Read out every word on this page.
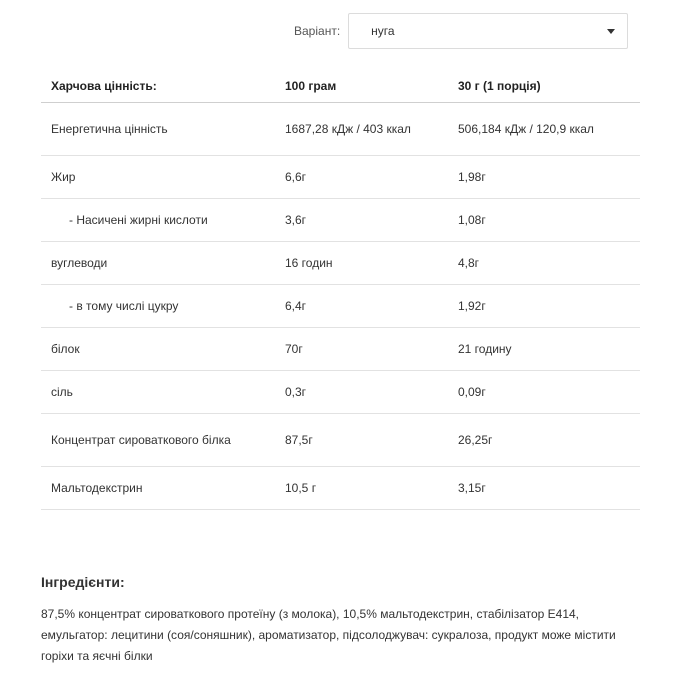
Варіант:	нуга
Харчова цінність:	100 грам	30 г (1 порція)
Енергетична цінність	1687,28 кДж / 403 ккал	506,184 кДж / 120,9 ккал
Жир	6,6г	1,98г
- Насичені жирні кислоти	3,6г	1,08г
вуглеводи	16 годин	4,8г
- в тому числі цукру	6,4г	1,92г
білок	70г	21 годину
сіль	0,3г	0,09г
Концентрат сироваткового білка	87,5г	26,25г
Мальтодекстрин	10,5 г	3,15г
Інгредієнти:
87,5% концентрат сироваткового протеїну (з молока), 10,5% мальтодекстрин, стабілізатор Е414, емульгатор: лецитини (соя/соняшник), ароматизатор, підсолоджувач: сукралоза, продукт може містити горіхи та яєчні білки
